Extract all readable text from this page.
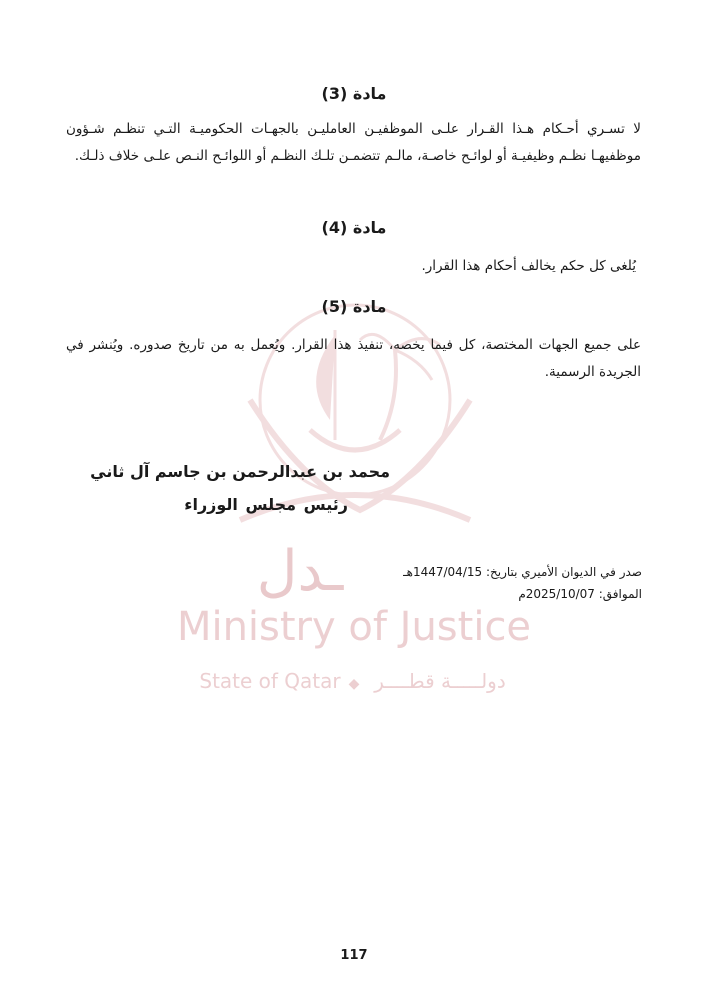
ـدل
Ministry of Justice
State of Qatar ◆ دولـــــة قطــــر
مادة (3)
لا تسـري أحـكام هـذا القـرار علـى الموظفيـن العامليـن بالجهـات الحكوميـة التـي تنظـم شـؤون موظفيهـا نظـم وظيفيـة أو لوائـح خاصـة، مالـم تتضمـن تلـك النظـم أو اللوائـح النـص علـى خلاف ذلـك.
مادة (4)
يُلغى كل حكم يخالف أحكام هذا القرار.
مادة (5)
على جميع الجهات المختصة، كل فيما يخصه، تنفيذ هذا القرار. ويُعمل به من تاريخ صدوره. ويُنشر في الجريدة الرسمية.
محمد بن عبدالرحمن بن جاسم آل ثاني
رئيس مجلس الوزراء
صدر في الديوان الأميري بتاريخ: 1447/04/15هـ
الموافق: 2025/10/07م
117
